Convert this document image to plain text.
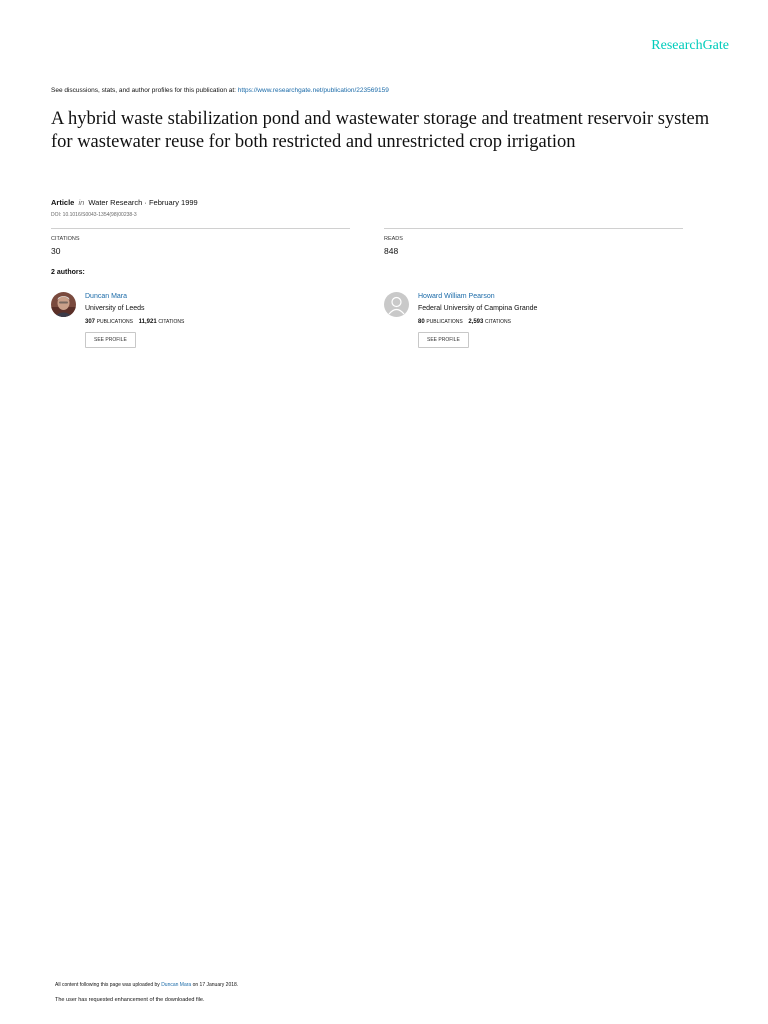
ResearchGate
See discussions, stats, and author profiles for this publication at: https://www.researchgate.net/publication/223569159
A hybrid waste stabilization pond and wastewater storage and treatment reservoir system for wastewater reuse for both restricted and unrestricted crop irrigation
Article in Water Research · February 1999
DOI: 10.1016/S0043-1354(98)00238-3
CITATIONS
30
READS
848
2 authors:
Duncan Mara
University of Leeds
307 PUBLICATIONS 11,921 CITATIONS
SEE PROFILE
Howard William Pearson
Federal University of Campina Grande
80 PUBLICATIONS 2,593 CITATIONS
SEE PROFILE
All content following this page was uploaded by Duncan Mara on 17 January 2018.
The user has requested enhancement of the downloaded file.
